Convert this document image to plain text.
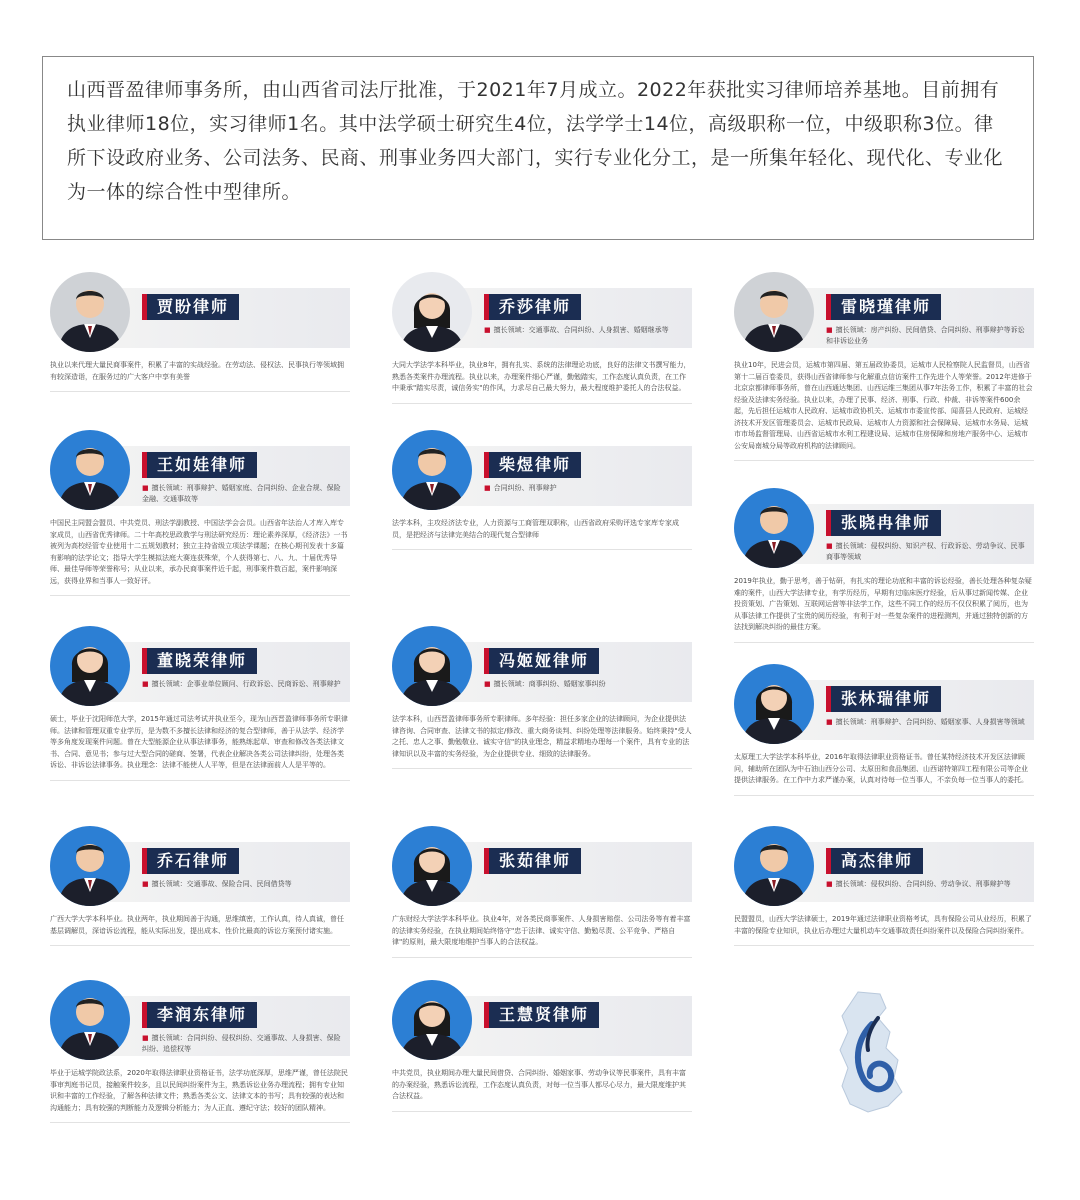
山西晋盈律师事务所，由山西省司法厅批准，于2021年7月成立。2022年获批实习律师培养基地。目前拥有执业律师18位，实习律师1名。其中法学硕士研究生4位，法学学士14位，高级职称一位，中级职称3位。律所下设政府业务、公司法务、民商、刑事业务四大部门，实行专业化分工，是一所集年轻化、现代化、专业化为一体的综合性中型律所。

贾盼律师

执业以来代理大量民商事案件，积累了丰富的实战经验。在劳动法、侵权法、民事执行等领域拥有较深造诣，在服务过的广大客户中享有美誉

乔莎律师
■ 擅长领域：交通事故、合同纠纷、人身损害、婚姻继承等

大同大学法学本科毕业，执业8年，拥有扎实、系统的法律理论功底，良好的法律文书撰写能力，熟悉各类案件办理流程。执业以来，办理案件细心严谨，勤勉踏实，工作态度认真负责，在工作中秉承"踏实尽责，诚信务实"的作风，力求尽自己最大努力，最大程度维护委托人的合法权益。

雷晓瑾律师
■ 擅长领域：房产纠纷、民间借贷、合同纠纷、刑事辩护等诉讼和非诉讼业务

执业10年，民进会员，运城市第四届、第五届政协委员，运城市人民检察院人民监督员，山西省第十二届百卷委员，获得山西省律师参与化解重点信访案件工作先进个人等荣誉。2012年进修于北京京都律师事务所，曾在山西通达集团、山西运维三集团从事7年法务工作，积累了丰富的社会经验及法律实务经验。执业以来，办理了民事、经济、刑事、行政、仲裁、非诉等案件600余起，先后担任运城市人民政府、运城市政协机关、运城市市委宣传部、闻喜县人民政府、运城经济技术开发区管理委员会、运城市民政局、运城市人力资源和社会保障局、运城市水务局、运城市市场监督管理局、山西省运城市水利工程建设局、运城市住房保障和房地产服务中心、运城市公安局南城分局等政府机构的法律顾问。

王如娃律师
■ 擅长领域：刑事辩护、婚姻家庭、合同纠纷、企业合规、保险金融、交通事故等

中国民主同盟会盟员、中共党员、刑法学副教授、中国法学会会员。山西省年法治人才库入库专家成员，山西省优秀律师。二十年高校思政教学与刑法研究经历：理论素养深厚，《经济法》一书被列为高校经管专业使用十二五规划教材；独立主持省级立项法学课题；在核心期刊发表十多篇有影响的法学论文；指导大学生模拟法庭大赛连获殊荣，个人获得第七、八、九、十届优秀导师、最佳导师等荣誉称号；从业以来，承办民商事案件近千起，刑事案件数百起，案件影响深远，获得业界和当事人一致好评。

柴煜律师
■ 合同纠纷、刑事辩护

法学本科，主攻经济法专业，人力资源与工商管理双职称，山西省政府采购评选专家库专家成员，是把经济与法律完美结合的现代复合型律师

张晓冉律师
■ 擅长领域：侵权纠纷、知识产权、行政诉讼、劳动争议、民事商事等领域

2019年执业，勤于思考，善于钻研，有扎实的理论功底和丰富的诉讼经验，善长处理各种复杂疑难的案件，山西大学法律专业，有学历经历，早期有过临床医疗经验，后从事过新闻传媒、企业投资策划、广告策划、互联网运营等非法学工作，这些不同工作的经历不仅仅积累了阅历，也为从事法律工作提供了宝贵的阅历经验，有利于对一些复杂案件的进程测判，并通过独特创新的方法找到解决纠纷的最佳方案。

董晓荣律师
■ 擅长领域：企事业单位顾问、行政诉讼、民商诉讼、刑事辩护

硕士，毕业于沈阳师范大学，2015年通过司法考试并执业至今，现为山西晋盈律师事务所专职律师。法律和管理双重专业学历，是为数不多擅长法律和经济的复合型律师，善于从法学、经济学等多角度发现案件问题。曾在大型能源企业从事法律事务，能熟练起草、审查和修改各类法律文书、合同、意见书；参与过大型合同的磋商、签署，代表企业解决各类公司法律纠纷，处理各类诉讼、非诉讼法律事务。执业理念：法律不能使人人平等，但是在法律面前人人是平等的。

冯姬娅律师
■ 擅长领域：商事纠纷、婚姻家事纠纷

法学本科，山西晋盈律师事务所专职律师。多年经验：担任多家企业的法律顾问，为企业提供法律咨询、合同审查、法律文书的拟定/修改、重大商务谈判、纠纷处理等法律服务。始终秉持"受人之托、忠人之事、勤勉敬业、诚实守信"的执业理念，精益求精地办理每一个案件，具有专业的法律知识以及丰富的实务经验，为企业提供专业、细致的法律服务。

张林瑞律师
■ 擅长领域：刑事辩护、合同纠纷、婚姻家事、人身损害等领域

太原理工大学法学本科毕业，2016年取得法律职业资格证书。曾任某特经济技术开发区法律顾问，辅助所在团队为中石油山西分公司、太原田和食品集团、山西诺特第四工程有限公司等企业提供法律服务。在工作中力求严谨办案，认真对待每一位当事人，不亲负每一位当事人的委托。

乔石律师
■ 擅长领域：交通事故、保险合同、民间借贷等

广西大学大学本科毕业。执业两年，执业期间善于沟通，思维缜密，工作认真，待人真诚，曾任基层调解员，深谙诉讼流程，能从实际出发，提出成本、性价比最高的诉讼方案预付诸实施。

张茹律师

广东财经大学法学本科毕业。执业4年，对各类民商事案件、人身损害赔偿、公司法务等有着丰富的法律实务经验，在执业期间始终恪守"忠于法律、诚实守信、勤勉尽责、公平竞争、严格自律"的原则，最大限度地维护当事人的合法权益。

高杰律师
■ 擅长领域：侵权纠纷、合同纠纷、劳动争议、刑事辩护等

民盟盟员，山西大学法律硕士，2019年通过法律职业资格考试，具有保险公司从业经历，积累了丰富的保险专业知识，执业后办理过大量机动车交通事故责任纠纷案件以及保险合同纠纷案件。

李润东律师
■ 擅长领域：合同纠纷、侵权纠纷、交通事故、人身损害、保险纠纷、追偿权等

毕业于运城学院政法系，2020年取得法律职业资格证书，法学功底深厚，思维严谨，曾任法院民事审判庭书记员，接触案件较多，且以民间纠纷案件为主，熟悉诉讼业务办理流程；拥有专业知识和丰富的工作经验，了解各种法律文件；熟悉各类公文、法律文本的书写；具有较强的表达和沟通能力；具有较强的判断能力及逻辑分析能力；为人正直、遵纪守法；较好的团队精神。

王慧贤律师

中共党员，执业期间办理大量民间借贷、合同纠纷、婚姻家事、劳动争议等民事案件，具有丰富的办案经验，熟悉诉讼流程，工作态度认真负责，对每一位当事人都尽心尽力，最大限度维护其合法权益。
